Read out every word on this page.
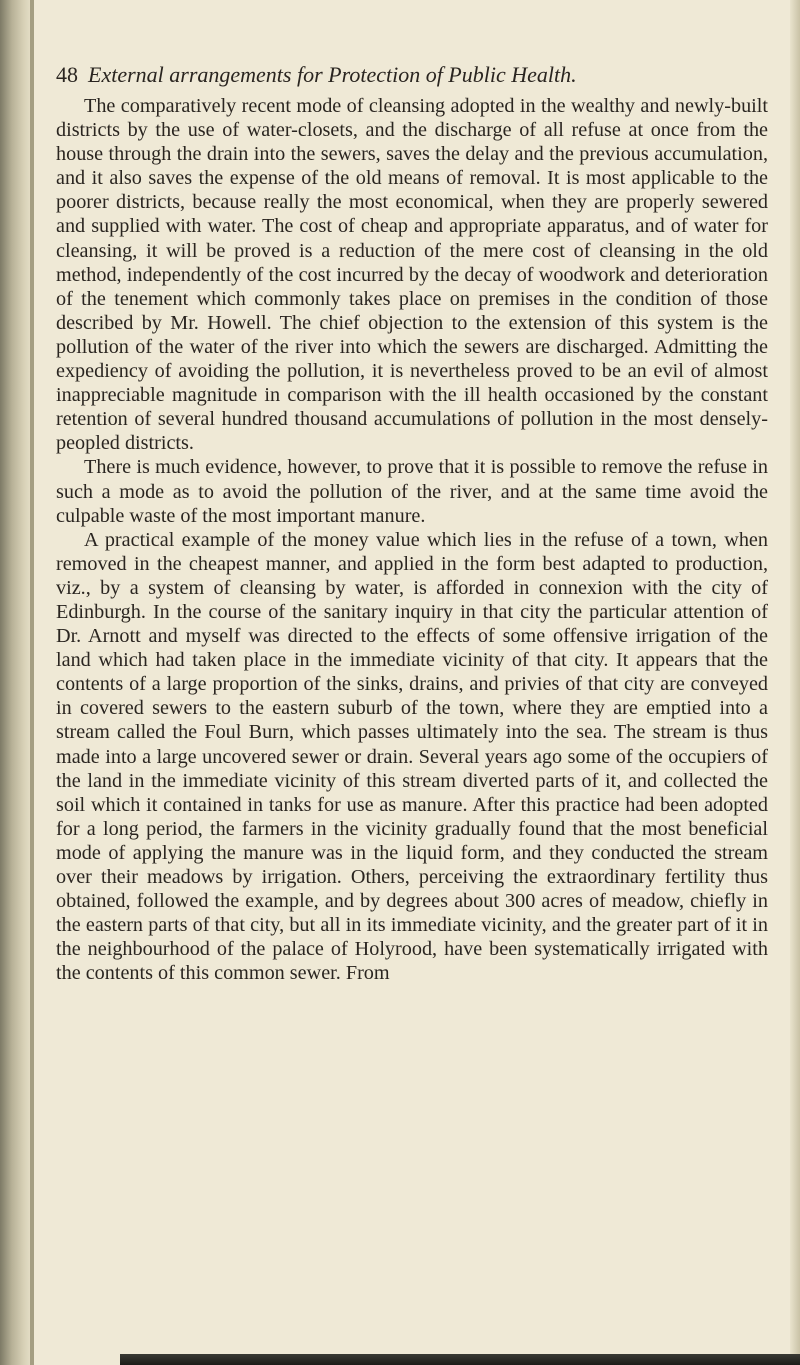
48 External arrangements for Protection of Public Health.

The comparatively recent mode of cleansing adopted in the wealthy and newly-built districts by the use of water-closets, and the discharge of all refuse at once from the house through the drain into the sewers, saves the delay and the previous accumulation, and it also saves the expense of the old means of removal. It is most applicable to the poorer districts, because really the most economical, when they are properly sewered and supplied with water. The cost of cheap and appropriate apparatus, and of water for cleansing, it will be proved is a reduction of the mere cost of cleansing in the old method, independently of the cost incurred by the decay of woodwork and deterioration of the tenement which commonly takes place on premises in the condition of those described by Mr. Howell. The chief objection to the extension of this system is the pollution of the water of the river into which the sewers are discharged. Admitting the expediency of avoiding the pollution, it is nevertheless proved to be an evil of almost inappreciable magnitude in comparison with the ill health occasioned by the constant retention of several hundred thousand accumulations of pollution in the most densely-peopled districts.

There is much evidence, however, to prove that it is possible to remove the refuse in such a mode as to avoid the pollution of the river, and at the same time avoid the culpable waste of the most important manure.

A practical example of the money value which lies in the refuse of a town, when removed in the cheapest manner, and applied in the form best adapted to production, viz., by a system of cleansing by water, is afforded in connexion with the city of Edinburgh. In the course of the sanitary inquiry in that city the particular attention of Dr. Arnott and myself was directed to the effects of some offensive irrigation of the land which had taken place in the immediate vicinity of that city. It appears that the contents of a large proportion of the sinks, drains, and privies of that city are conveyed in covered sewers to the eastern suburb of the town, where they are emptied into a stream called the Foul Burn, which passes ultimately into the sea. The stream is thus made into a large uncovered sewer or drain. Several years ago some of the occupiers of the land in the immediate vicinity of this stream diverted parts of it, and collected the soil which it contained in tanks for use as manure. After this practice had been adopted for a long period, the farmers in the vicinity gradually found that the most beneficial mode of applying the manure was in the liquid form, and they conducted the stream over their meadows by irrigation. Others, perceiving the extraordinary fertility thus obtained, followed the example, and by degrees about 300 acres of meadow, chiefly in the eastern parts of that city, but all in its immediate vicinity, and the greater part of it in the neighbourhood of the palace of Holyrood, have been systematically irrigated with the contents of this common sewer. From
